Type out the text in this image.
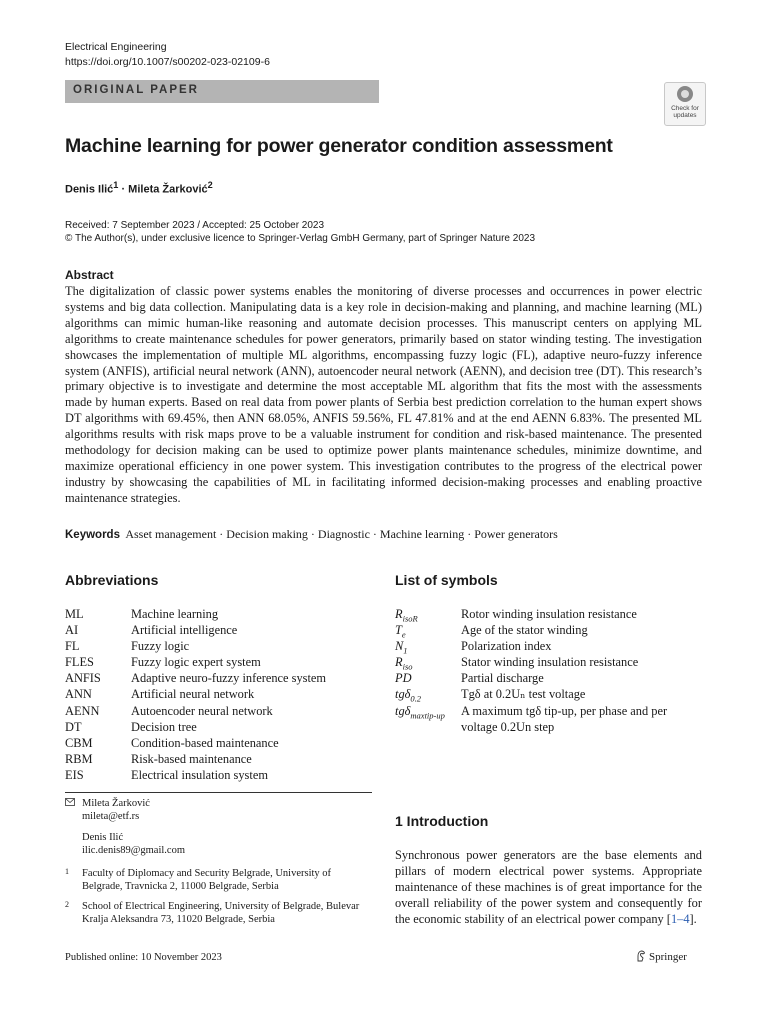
Electrical Engineering
https://doi.org/10.1007/s00202-023-02109-6
ORIGINAL PAPER
Check for updates
Machine learning for power generator condition assessment
Denis Ilić$^1$ · Mileta Žarković$^2$
Received: 7 September 2023 / Accepted: 25 October 2023
© The Author(s), under exclusive licence to Springer-Verlag GmbH Germany, part of Springer Nature 2023
Abstract
The digitalization of classic power systems enables the monitoring of diverse processes and occurrences in power electric systems and big data collection. Manipulating data is a key role in decision-making and planning, and machine learning (ML) algorithms can mimic human-like reasoning and automate decision processes. This manuscript centers on applying ML algorithms to create maintenance schedules for power generators, primarily based on stator winding testing. The investigation showcases the implementation of multiple ML algorithms, encompassing fuzzy logic (FL), adaptive neuro-fuzzy inference system (ANFIS), artificial neural network (ANN), autoencoder neural network (AENN), and decision tree (DT). This research’s primary objective is to investigate and determine the most acceptable ML algorithm that fits the most with the assessments made by human experts. Based on real data from power plants of Serbia best prediction correlation to the human expert shows DT algorithms with 69.45%, then ANN 68.05%, ANFIS 59.56%, FL 47.81% and at the end AENN 6.83%. The presented ML algorithms results with risk maps prove to be a valuable instrument for condition and risk-based maintenance. The presented methodology for decision making can be used to optimize power plants maintenance schedules, minimize downtime, and maximize operational efficiency in one power system. This investigation contributes to the progress of the electrical power industry by showcasing the capabilities of ML in facilitating informed decision-making processes and enabling proactive maintenance strategies.
Keywords Asset management · Decision making · Diagnostic · Machine learning · Power generators
Abbreviations
ML	Machine learning
AI	Artificial intelligence
FL	Fuzzy logic
FLES	Fuzzy logic expert system
ANFIS Adaptive neuro-fuzzy inference system
ANN	Artificial neural network
AENN	Autoencoder neural network
DT	Decision tree
CBM	Condition-based maintenance
RBM	Risk-based maintenance
EIS	Electrical insulation system
List of symbols
$R_{isoR}$	Rotor winding insulation resistance
$T_e$	Age of the stator winding
$N_1$	Polarization index
$R_{iso}$	Stator winding insulation resistance
PD	Partial discharge
tgδ$_{0.2}$	Tgδ at 0.2Uₙ test voltage
tgδ$_{maxtip-up}$ A maximum tgδ tip-up, per phase and per voltage 0.2Un step
Mileta Žarković
mileta@etf.rs
Denis Ilić
ilic.denis89@gmail.com
1 Faculty of Diplomacy and Security Belgrade, University of Belgrade, Travnicka 2, 11000 Belgrade, Serbia
2 School of Electrical Engineering, University of Belgrade, Bulevar Kralja Aleksandra 73, 11020 Belgrade, Serbia
1 Introduction
Synchronous power generators are the base elements and pillars of modern electrical power systems. Appropriate maintenance of these machines is of great importance for the overall reliability of the power system and consequently for the economic stability of an electrical power company [1–4].
Published online: 10 November 2023	Springer
